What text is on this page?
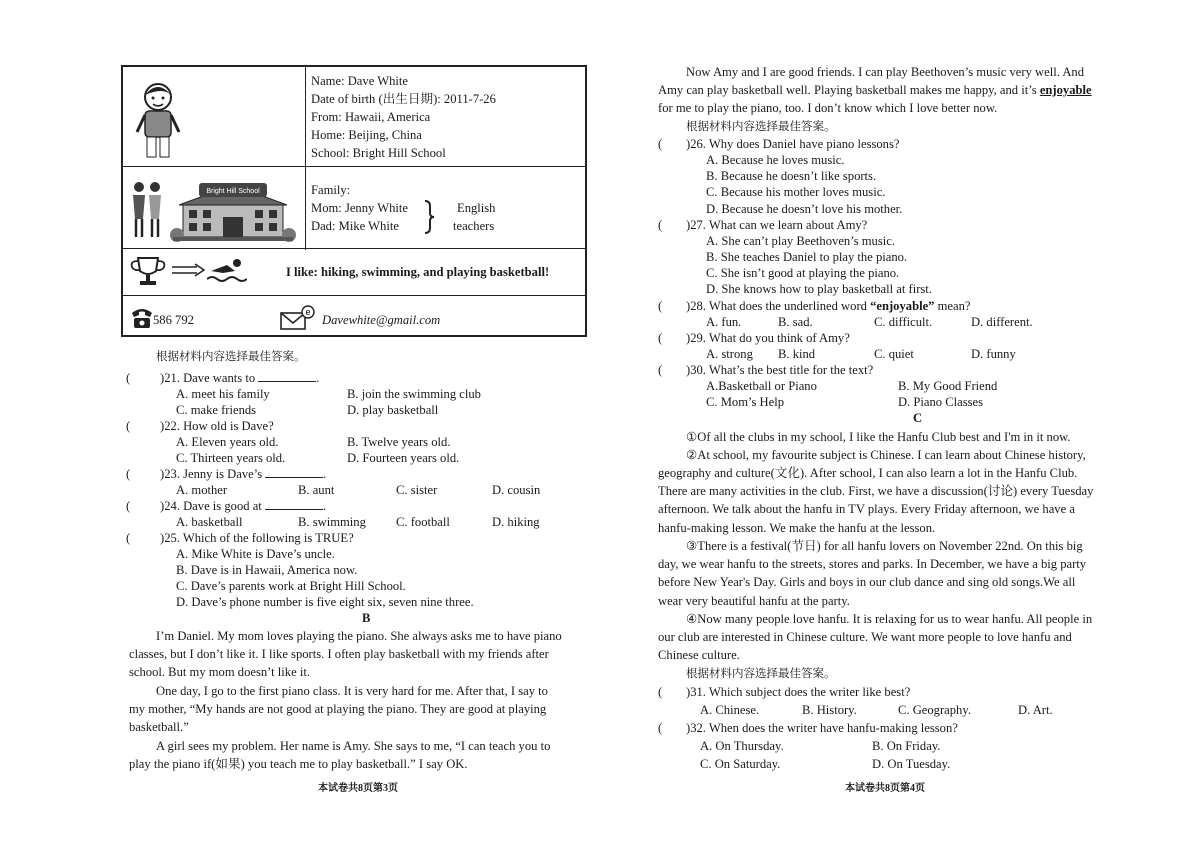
Name: Dave White
Date of birth (出生日期): 2011-7-26
From: Hawaii, America
Home: Beijing, China
School: Bright Hill School
Bright Hill School	Family:
Mom: Jenny White
Dad: Mike White
English
teachers
I like: hiking, swimming, and playing basketball!
586 792
e
Davewhite@gmail.com
根据材料内容选择最佳答案。
( )21. Dave wants to	.
A. meet his family	B. join the swimming club
C. make friends	D. play basketball
( )22. How old is Dave?
A. Eleven years old.	B. Twelve years old.
C. Thirteen years old.	D. Fourteen years old.
( )23. Jenny is Dave’s	.
A. mother	B. aunt	C. sister	D. cousin
( )24. Dave is good at	.
A. basketball	B. swimming C. football	D. hiking
( )25. Which of the following is TRUE?
A. Mike White is Dave’s uncle.
B. Dave is in Hawaii, America now.
C. Dave’s parents work at Bright Hill School.
D. Dave’s phone number is five eight six, seven nine three.
B
I’m Daniel. My mom loves playing the piano. She always asks me to have piano
classes, but I don’t like it. I like sports. I often play basketball with my friends after
school. But my mom doesn’t like it.
One day, I go to the first piano class. It is very hard for me. After that, I say to
my mother, “My hands are not good at playing the piano. They are good at playing
basketball.”
A girl sees my problem. Her name is Amy. She says to me, “I can teach you to
play the piano if(如果) you teach me to play basketball.” I say OK.
本试卷共8页第3页
Now Amy and I are good friends. I can play Beethoven’s music very well. And
Amy can play basketball well. Playing basketball makes me happy, and it’s enjoyable
for me to play the piano, too. I don’t know which I love better now.
根据材料内容选择最佳答案。
( )26. Why does Daniel have piano lessons?
A. Because he loves music.
B. Because he doesn’t like sports.
C. Because his mother loves music.
D. Because he doesn’t love his mother.
( )27. What can we learn about Amy?
A. She can’t play Beethoven’s music.
B. She teaches Daniel to play the piano.
C. She isn’t good at playing the piano.
D. She knows how to play basketball at first.
( )28. What does the underlined word “enjoyable” mean?
A. fun.	B. sad.	C. difficult.	D. different.
( )29. What do you think of Amy?
A. strong B. kind	C. quiet	D. funny
( )30. What’s the best title for the text?
A.Basketball or Piano	B. My Good Friend
C. Mom’s Help	D. Piano Classes
C
①Of all the clubs in my school, I like the Hanfu Club best and I'm in it now.
②At school, my favourite subject is Chinese. I can learn about Chinese history,
geography and culture(文化). After school, I can also learn a lot in the Hanfu Club.
There are many activities in the club. First, we have a discussion(讨论) every Tuesday
afternoon. We talk about the hanfu in TV plays. Every Friday afternoon, we have a
hanfu-making lesson. We make the hanfu at the lesson.
③There is a festival(节日) for all hanfu lovers on November 22nd. On this big
day, we wear hanfu to the streets, stores and parks. In December, we have a big party
before New Year's Day. Girls and boys in our club dance and sing old songs.We all
wear very beautiful hanfu at the party.
④Now many people love hanfu. It is relaxing for us to wear hanfu. All people in
our club are interested in Chinese culture. We want more people to love hanfu and
Chinese culture.
根据材料内容选择最佳答案。
( )31. Which subject does the writer like best?
A. Chinese.	B. History.	C. Geography.	D. Art.
( )32. When does the writer have hanfu-making lesson?
A. On Thursday.	B. On Friday.
C. On Saturday.	D. On Tuesday.
本试卷共8页第4页
